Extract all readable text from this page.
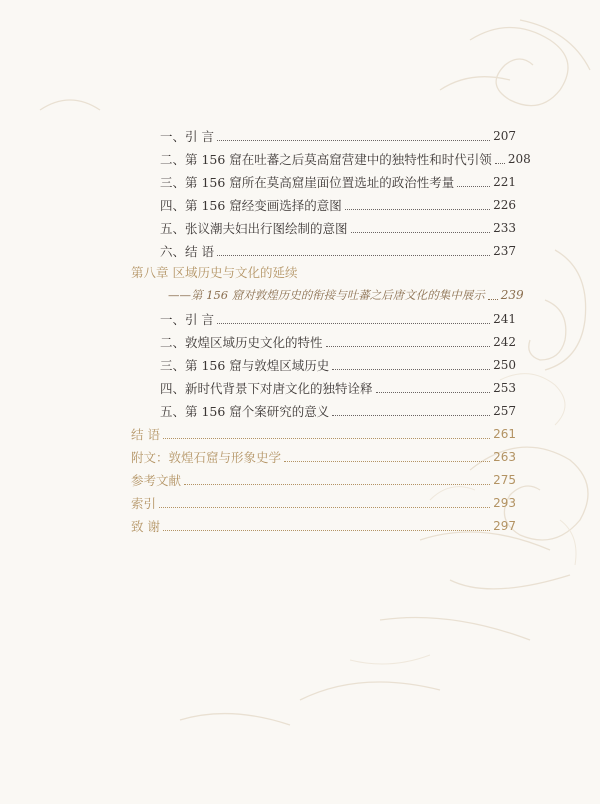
一、引 言	207
二、第 156 窟在吐蕃之后莫高窟营建中的独特性和时代引领 208
三、第 156 窟所在莫高窟崖面位置选址的政治性考量	221
四、第 156 窟经变画选择的意图	226
五、张议潮夫妇出行图绘制的意图	233
六、结 语	237
第八章 区域历史与文化的延续
——第 156 窟对敦煌历史的衔接与吐蕃之后唐文化的集中展示 239
一、引 言	241
二、敦煌区域历史文化的特性	242
三、第 156 窟与敦煌区域历史	250
四、新时代背景下对唐文化的独特诠释	253
五、第 156 窟个案研究的意义	257
结 语	261
附文：敦煌石窟与形象史学	263
参考文献	275
索引	293
致 谢	297
